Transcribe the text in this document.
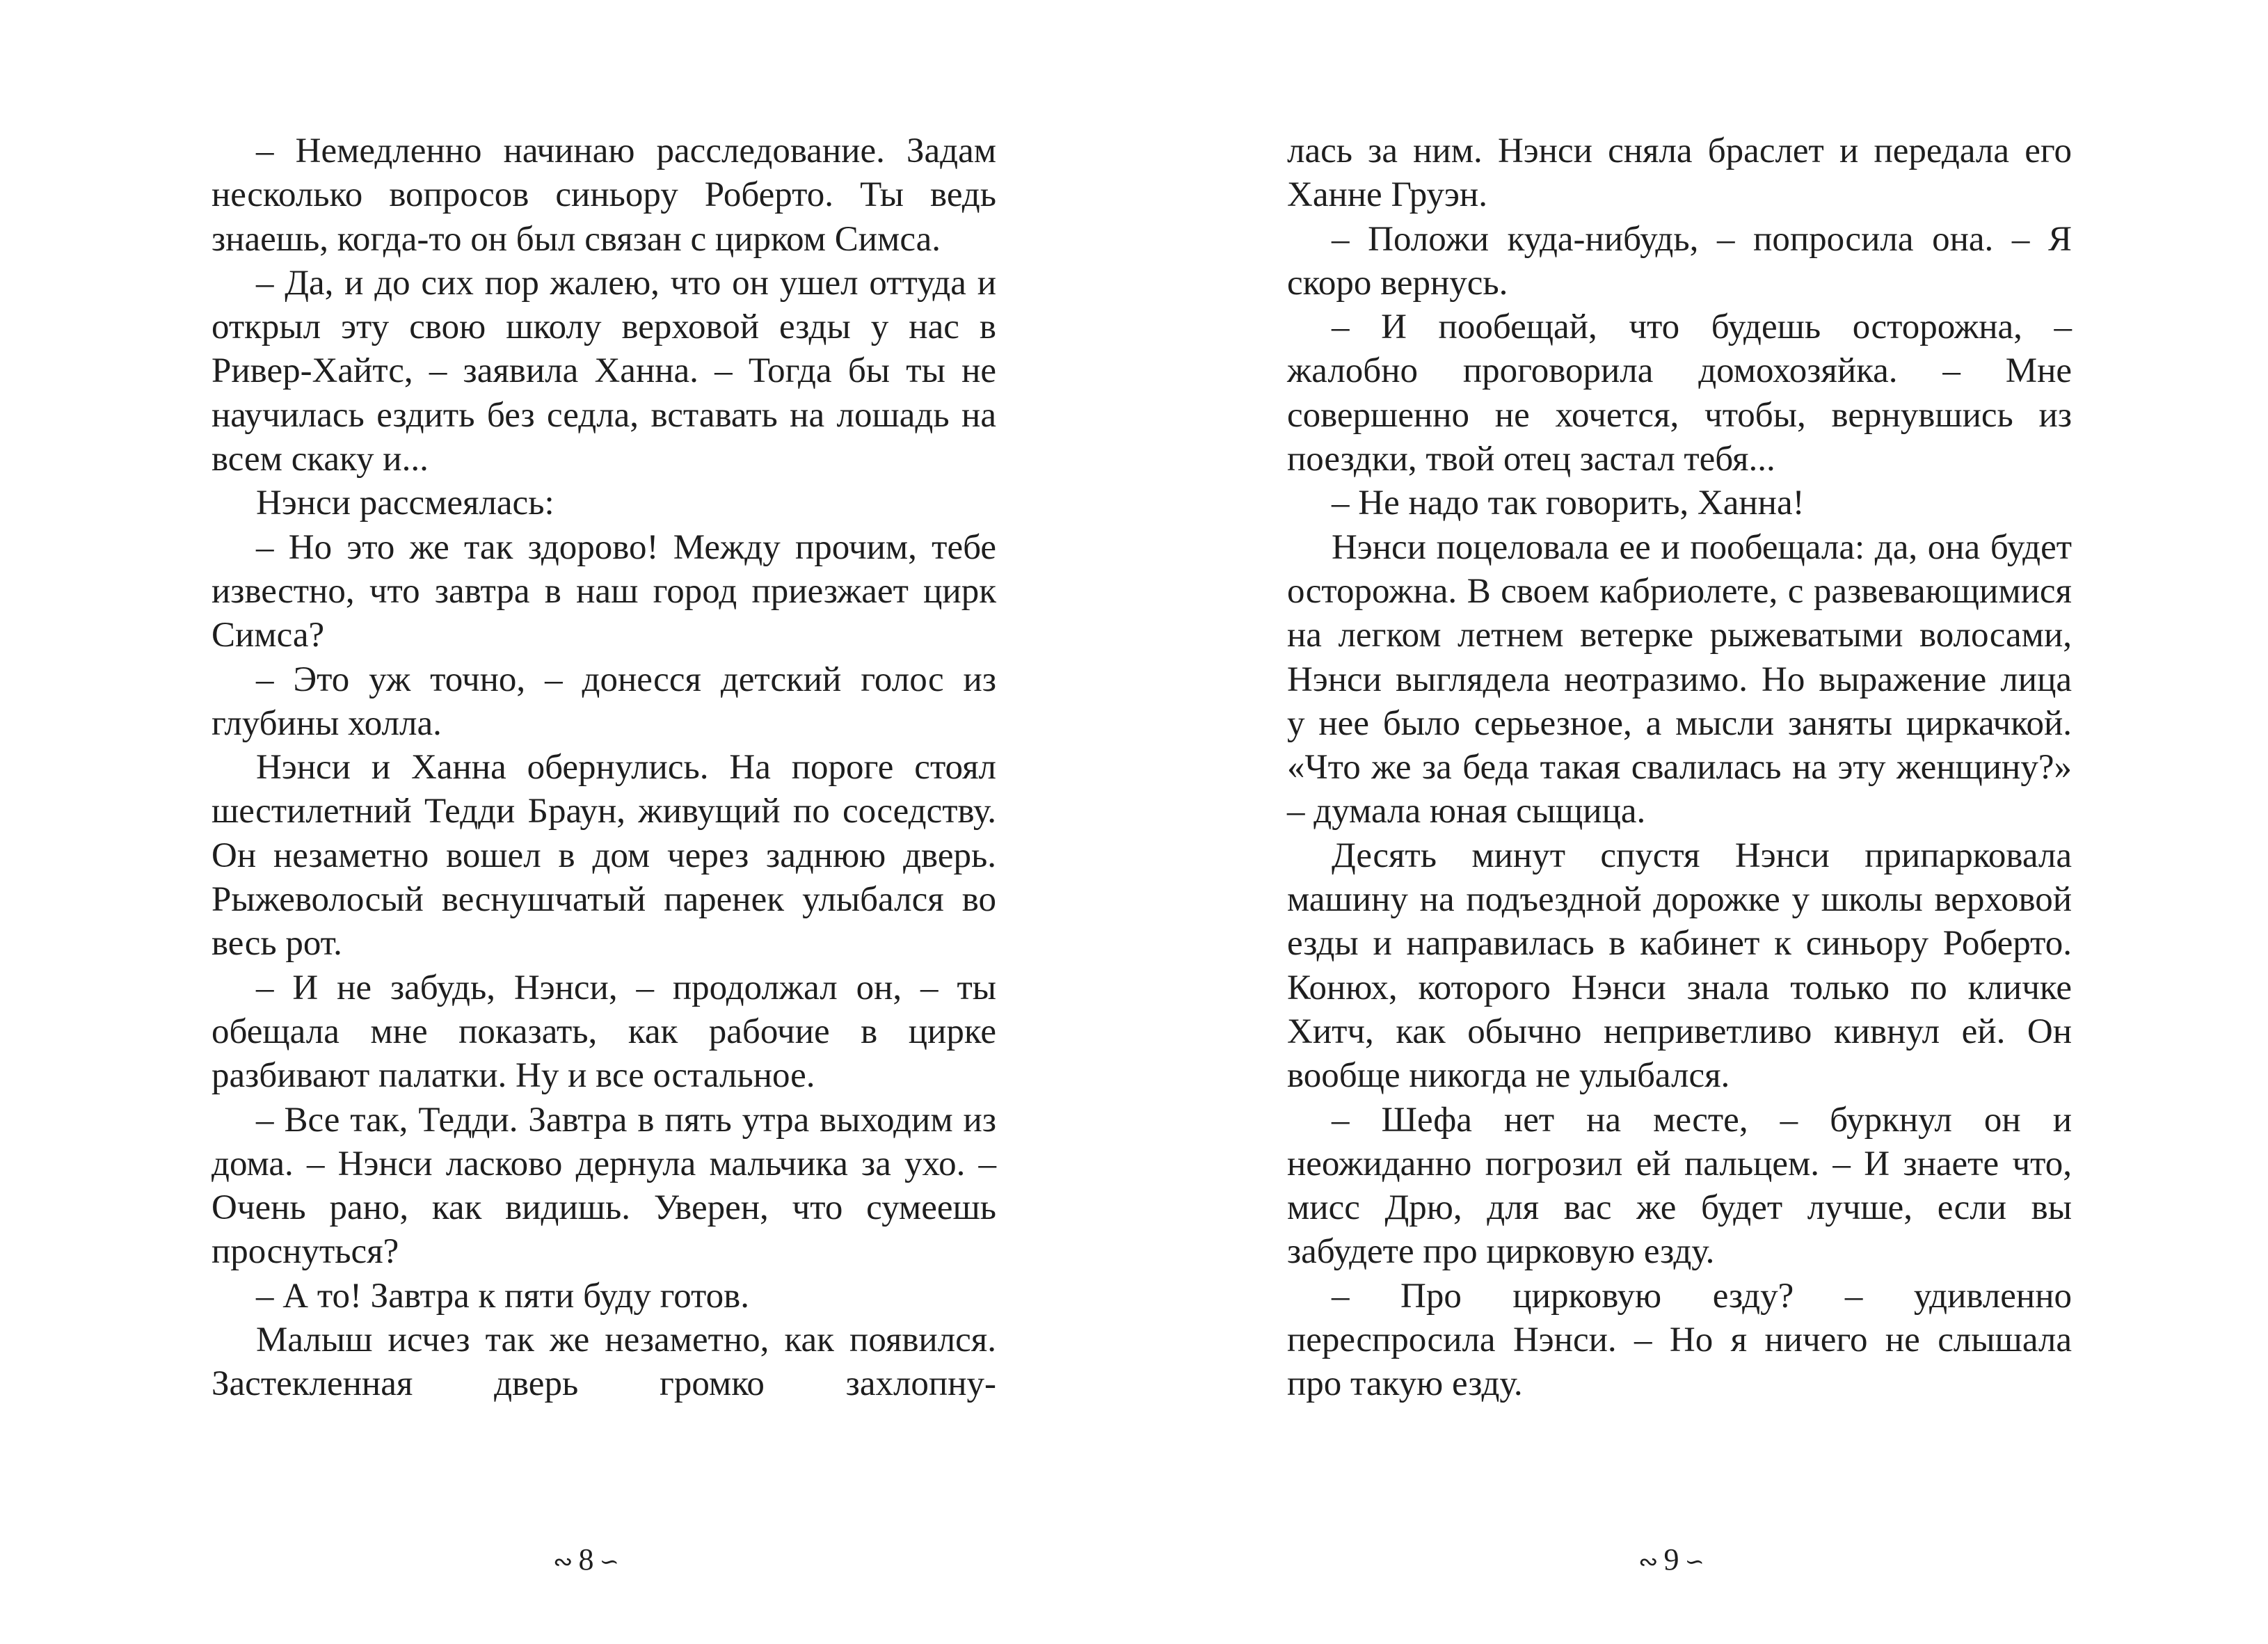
– Немедленно начинаю расследование. Задам несколько вопросов синьору Роберто. Ты ведь знаешь, когда-то он был связан с цирком Симса.

– Да, и до сих пор жалею, что он ушел оттуда и открыл эту свою школу верховой езды у нас в Ривер-Хайтс, – заявила Ханна. – Тогда бы ты не научилась ездить без седла, вставать на лошадь на всем скаку и...

Нэнси рассмеялась:

– Но это же так здорово! Между прочим, тебе известно, что завтра в наш город приезжает цирк Симса?

– Это уж точно, – донесся детский голос из глубины холла.

Нэнси и Ханна обернулись. На пороге стоял шестилетний Тедди Браун, живущий по соседству. Он незаметно вошел в дом через заднюю дверь. Рыжеволосый веснушчатый паренек улыбался во весь рот.

– И не забудь, Нэнси, – продолжал он, – ты обещала мне показать, как рабочие в цирке разбивают палатки. Ну и все остальное.

– Все так, Тедди. Завтра в пять утра выходим из дома. – Нэнси ласково дернула мальчика за ухо. – Очень рано, как видишь. Уверен, что сумеешь проснуться?

– А то! Завтра к пяти буду готов.

Малыш исчез так же незаметно, как появился. Застекленная дверь громко захлопну-

∾ 8 ∽

лась за ним. Нэнси сняла браслет и передала его Ханне Груэн.

– Положи куда-нибудь, – попросила она. – Я скоро вернусь.

– И пообещай, что будешь осторожна, – жалобно проговорила домохозяйка. – Мне совершенно не хочется, чтобы, вернувшись из поездки, твой отец застал тебя...

– Не надо так говорить, Ханна!

Нэнси поцеловала ее и пообещала: да, она будет осторожна. В своем кабриолете, с развевающимися на легком летнем ветерке рыжеватыми волосами, Нэнси выглядела неотразимо. Но выражение лица у нее было серьезное, а мысли заняты циркачкой. «Что же за беда такая свалилась на эту женщину?» – думала юная сыщица.

Десять минут спустя Нэнси припарковала машину на подъездной дорожке у школы верховой езды и направилась в кабинет к синьору Роберто. Конюх, которого Нэнси знала только по кличке Хитч, как обычно неприветливо кивнул ей. Он вообще никогда не улыбался.

– Шефа нет на месте, – буркнул он и неожиданно погрозил ей пальцем. – И знаете что, мисс Дрю, для вас же будет лучше, если вы забудете про цирковую езду.

– Про цирковую езду? – удивленно переспросила Нэнси. – Но я ничего не слышала про такую езду.

∾ 9 ∽
